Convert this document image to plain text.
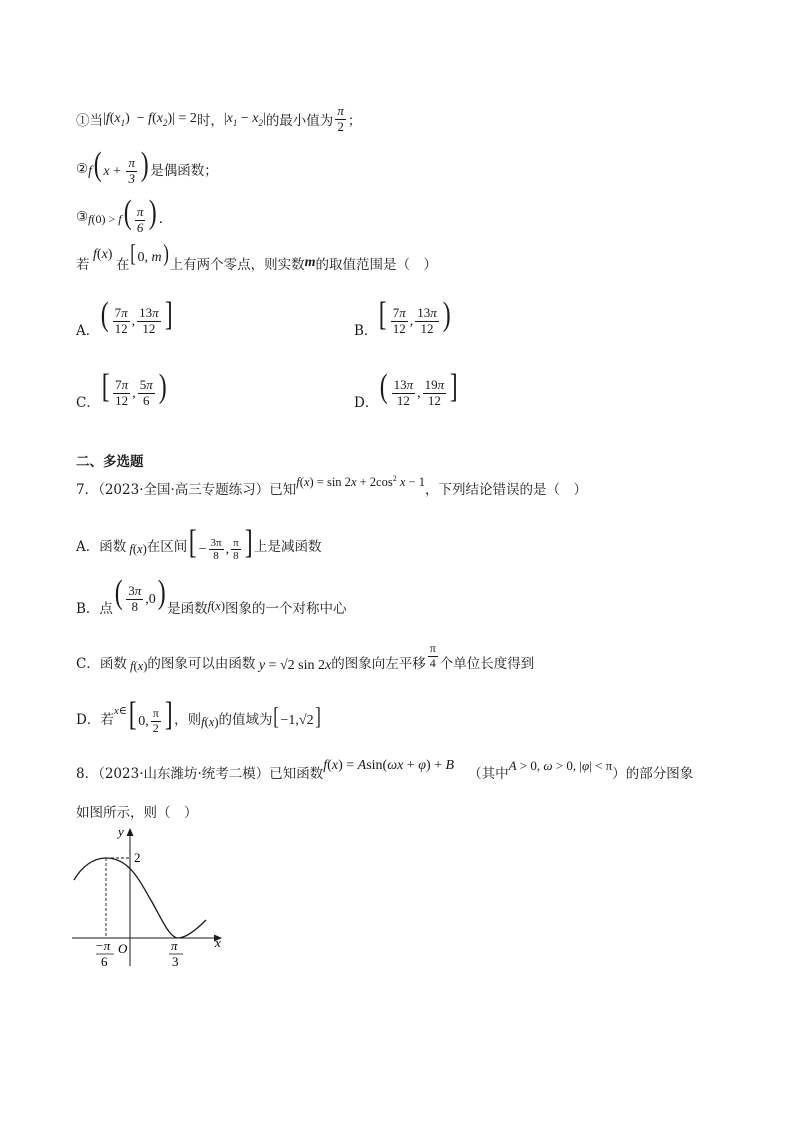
①当 $|f(x_1) - f(x_2)| = 2$ 时， $|x_1 - x_2|$ 的最小值为 $\frac{\pi}{2}$ ；
② f( $x + \frac{\pi}{3}$ ) 是偶函数；
③ $f(0) > f( \frac{\pi}{6}$ ) ．
若
f(x)
在 [0, m) 上有两个零点，则实数 m 的取值范围是（　）
A． ( $\frac{7\pi}{12}$ , $\frac{13\pi}{12}$ ]	B． [ $\frac{7\pi}{12}$ , $\frac{13\pi}{12}$ )
C． [ $\frac{7\pi}{12}$ , $\frac{5\pi}{6}$ )	D． ( $\frac{13\pi}{12}$ , $\frac{19\pi}{12}$ ]
二、多选题
7．（2023·全国·高三专题练习）已知 $f(x) = \sin 2x + 2\cos^2$ x − 1 ，下列结论错误的是（　）
A．函数 f(x) 在区间 [ − $\frac{3\pi}{8}$ , $\frac{\pi}{8}$ ] 上是减函数
B．点 ( $\frac{3\pi}{8} ,0$) 是函数 f(x) 图象的一个对称中心
C．函数 f(x) 的图象可以由函数 y = √2 sin 2x 的图象向左平移 $\frac{\pi}{4}$ 个单位长度得到
D．若
x∈ [ 0, $\frac{\pi}{2}$ ] ，则 f(x) 的值域为 [−1,√2]
8．（2023·山东潍坊·统考二模）已知函数
f(x) = Asin(ωx + φ) + B
（其中
A > 0, ω > 0, |φ| < π
）的部分图象
如图所示，则（　）
y
x
O
2
−π
6
π
3
